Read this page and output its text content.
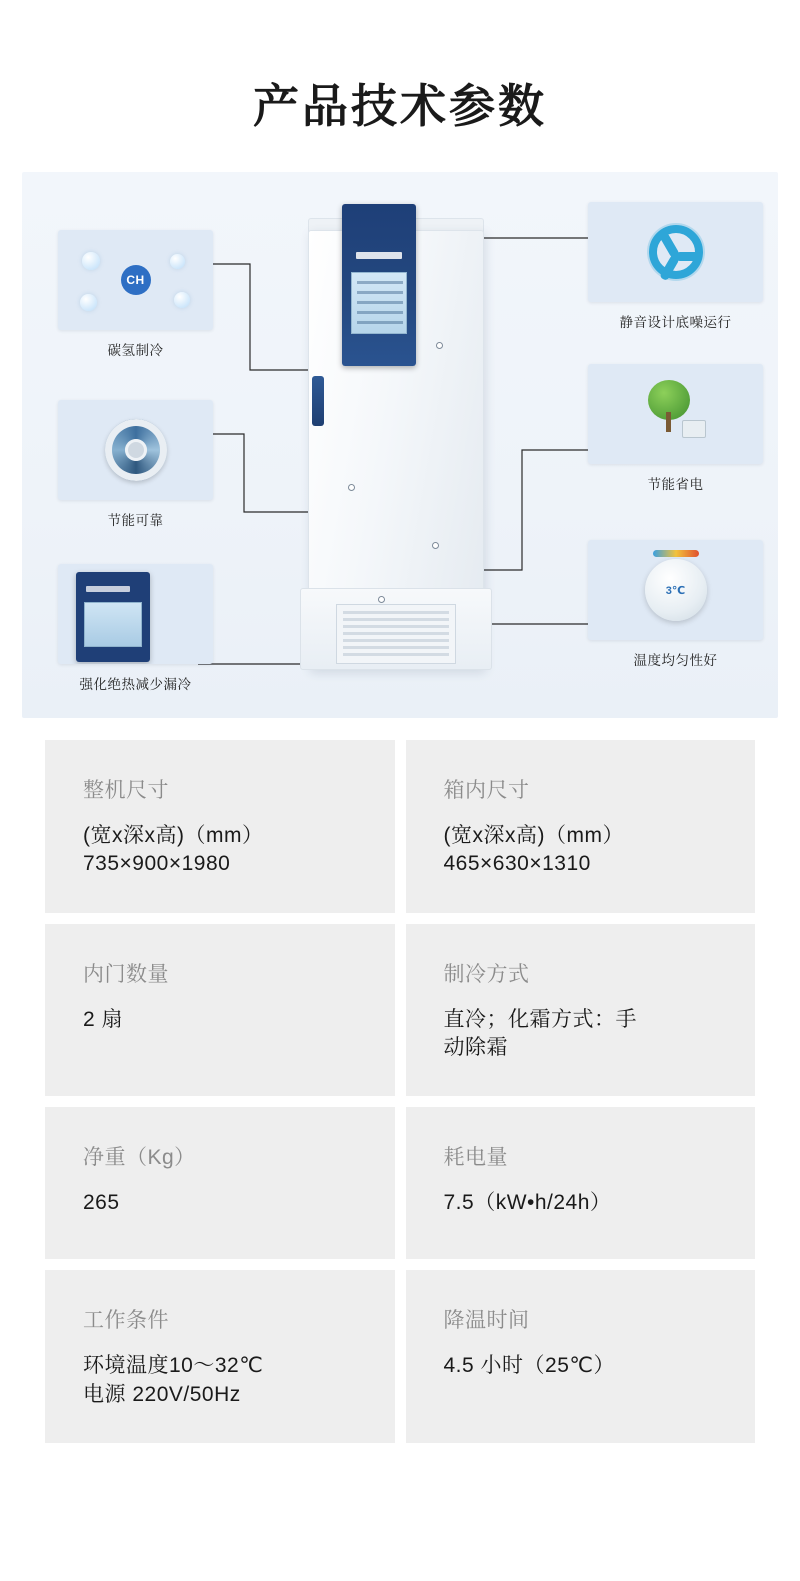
产品技术参数
CH
碳氢制冷
节能可靠
强化绝热减少漏冷
静音设计底噪运行
节能省电
3℃
温度均匀性好
整机尺寸
(宽x深x高)（mm）
735×900×1980
箱内尺寸
(宽x深x高)（mm）
465×630×1310
内门数量
2 扇
制冷方式
直冷；化霜方式：手
动除霜
净重（Kg）
265
耗电量
7.5（kW•h/24h）
工作条件
环境温度10～32℃
电源 220V/50Hz
降温时间
4.5 小时（25℃）
